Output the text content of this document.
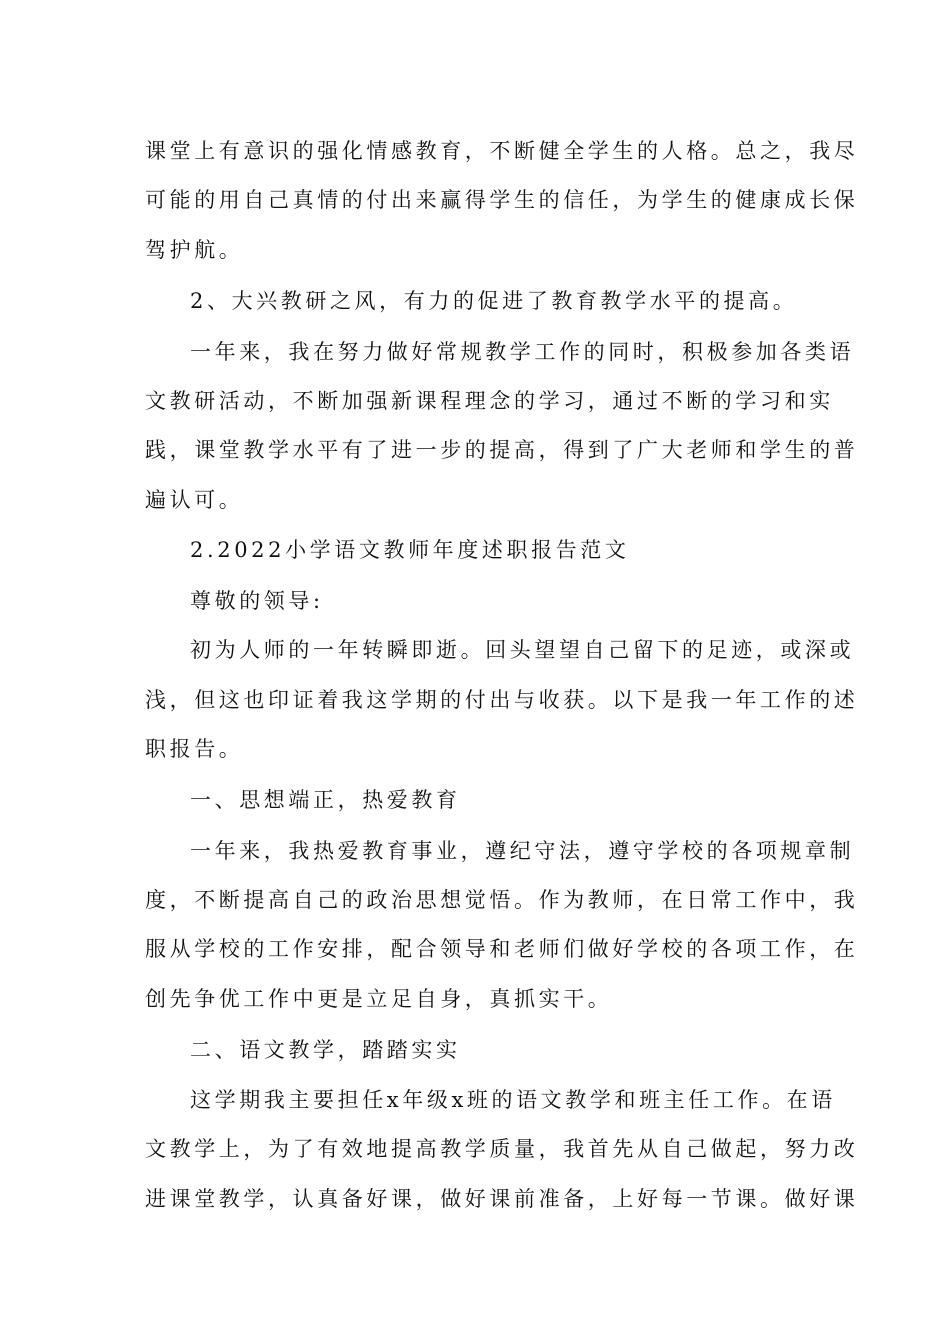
课堂上有意识的强化情感教育，不断健全学生的人格。总之，我尽
可能的用自己真情的付出来赢得学生的信任，为学生的健康成长保
驾护航。
2、大兴教研之风，有力的促进了教育教学水平的提高。
一年来，我在努力做好常规教学工作的同时，积极参加各类语
文教研活动，不断加强新课程理念的学习，通过不断的学习和实
践，课堂教学水平有了进一步的提高，得到了广大老师和学生的普
遍认可。
2.2022小学语文教师年度述职报告范文
尊敬的领导:
初为人师的一年转瞬即逝。回头望望自己留下的足迹，或深或
浅，但这也印证着我这学期的付出与收获。以下是我一年工作的述
职报告。
一、思想端正，热爱教育
一年来，我热爱教育事业，遵纪守法，遵守学校的各项规章制
度，不断提高自己的政治思想觉悟。作为教师，在日常工作中，我
服从学校的工作安排，配合领导和老师们做好学校的各项工作，在
创先争优工作中更是立足自身，真抓实干。
二、语文教学，踏踏实实
这学期我主要担任x年级x班的语文教学和班主任工作。在语
文教学上，为了有效地提高教学质量，我首先从自己做起，努力改
进课堂教学，认真备好课，做好课前准备，上好每一节课。做好课
